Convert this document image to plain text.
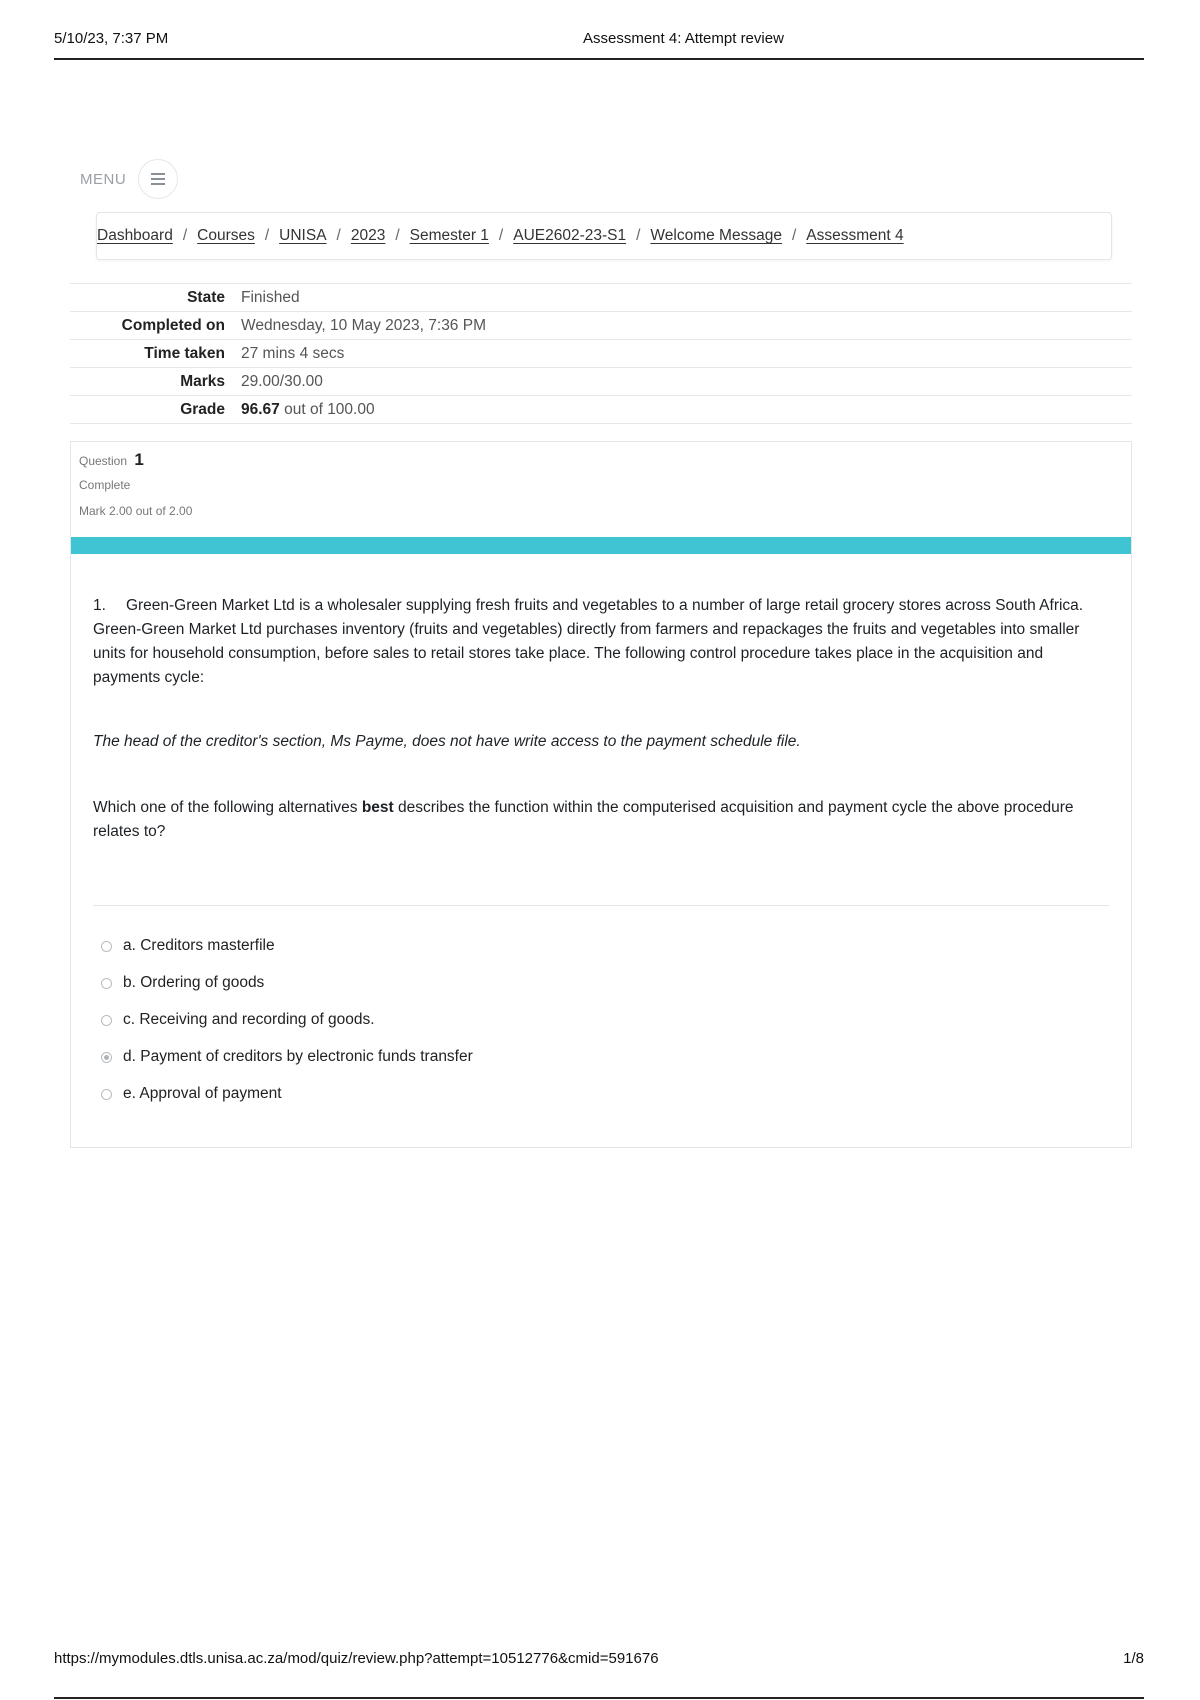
5/10/23, 7:37 PM	Assessment 4: Attempt review
MENU
Dashboard / Courses / UNISA / 2023 / Semester 1 / AUE2602-23-S1 / Welcome Message / Assessment 4
State	Finished
Completed on	Wednesday, 10 May 2023, 7:36 PM
Time taken	27 mins 4 secs
Marks	29.00/30.00
Grade	96.67 out of 100.00
Question 1
Complete
Mark 2.00 out of 2.00

1. Green-Green Market Ltd is a wholesaler supplying fresh fruits and vegetables to a number of large retail grocery stores across South Africa. Green-Green Market Ltd purchases inventory (fruits and vegetables) directly from farmers and repackages the fruits and vegetables into smaller units for household consumption, before sales to retail stores take place. The following control procedure takes place in the acquisition and payments cycle:

The head of the creditor's section, Ms Payme, does not have write access to the payment schedule file.

Which one of the following alternatives best describes the function within the computerised acquisition and payment cycle the above procedure relates to?

a. Creditors masterfile
b. Ordering of goods
c. Receiving and recording of goods.
d. Payment of creditors by electronic funds transfer
e. Approval of payment
https://mymodules.dtls.unisa.ac.za/mod/quiz/review.php?attempt=10512776&cmid=591676	1/8
